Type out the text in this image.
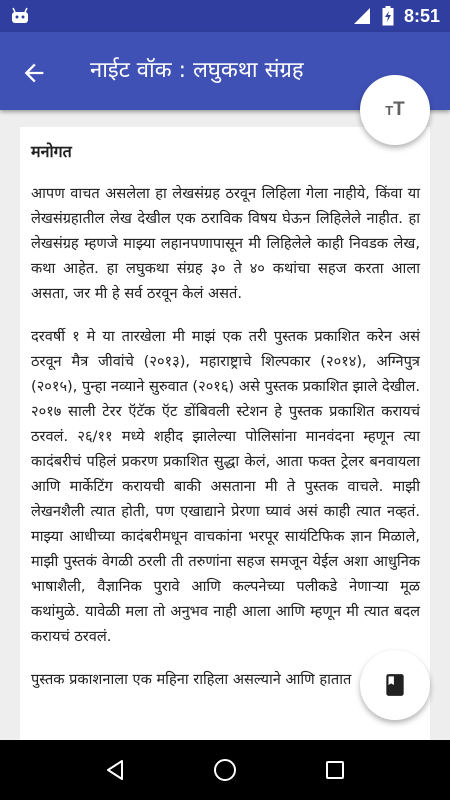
8:51
नाईट वॉक : लघुकथा संग्रह
TT
मनोगत

आपण वाचत असलेला हा लेखसंग्रह ठरवून लिहिला गेला नाहीये, किंवा या लेखसंग्रहातील लेख देखील एक ठराविक विषय घेऊन लिहिलेले नाहीत. हा लेखसंग्रह म्हणजे माझ्या लहानपणापासून मी लिहिलेले काही निवडक लेख, कथा आहेत. हा लघुकथा संग्रह ३० ते ४० कथांचा सहज करता आला असता, जर मी हे सर्व ठरवून केलं असतं.

दरवर्षी १ मे या तारखेला मी माझं एक तरी पुस्तक प्रकाशित करेन असं ठरवून मैत्र जीवांचे (२०१३), महाराष्ट्राचे शिल्पकार (२०१४), अग्निपुत्र (२०१५), पुन्हा नव्याने सुरुवात (२०१६) असे पुस्तक प्रकाशित झाले देखील. २०१७ साली टेरर ऍटॅक ऍट डोंबिवली स्टेशन हे पुस्तक प्रकाशित करायचं ठरवलं. २६/११ मध्ये शहीद झालेल्या पोलिसांना मानवंदना म्हणून त्या कादंबरीचं पहिलं प्रकरण प्रकाशित सुद्धा केलं, आता फक्त ट्रेलर बनवायला आणि मार्केटिंग करायची बाकी असताना मी ते पुस्तक वाचले. माझी लेखनशैली त्यात होती, पण एखाद्याने प्रेरणा घ्यावं असं काही त्यात नव्हतं. माझ्या आधीच्या कादंबरीमधून वाचकांना भरपूर सायंटिफिक ज्ञान मिळाले, माझी पुस्तकं वेगळी ठरली ती तरुणांना सहज समजून येईल अशा आधुनिक भाषाशैली, वैज्ञानिक पुरावे आणि कल्पनेच्या पलीकडे नेणाऱ्या मूळ कथांमुळे. यावेळी मला तो अनुभव नाही आला आणि म्हणून मी त्यात बदल करायचं ठरवलं.

पुस्तक प्रकाशनाला एक महिना राहिला असल्याने आणि हातात
